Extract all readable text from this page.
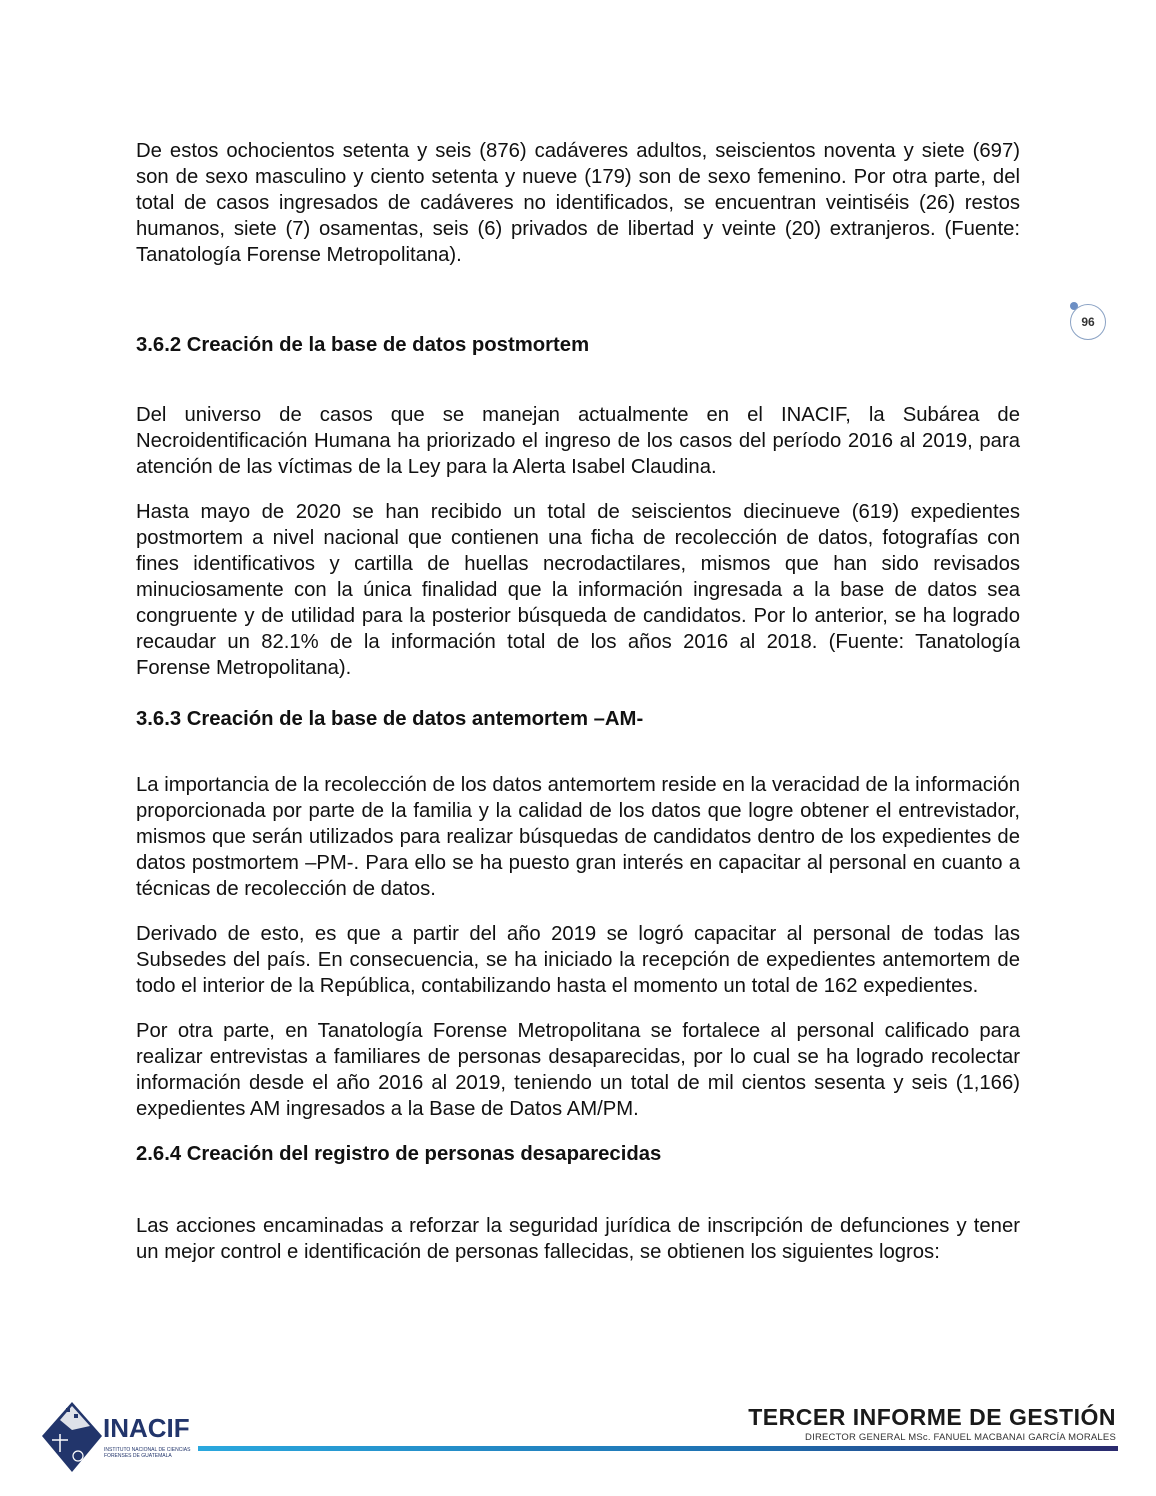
De estos ochocientos setenta y seis (876) cadáveres adultos, seiscientos noventa y siete (697) son de sexo masculino y ciento setenta y nueve (179) son de sexo femenino. Por otra parte, del total de casos ingresados de cadáveres no identificados, se encuentran veintiséis (26) restos humanos, siete (7) osamentas, seis (6) privados de libertad y veinte (20) extranjeros. (Fuente: Tanatología Forense Metropolitana).

3.6.2 Creación de la base de datos postmortem

Del universo de casos que se manejan actualmente en el INACIF, la Subárea de Necroidentificación Humana ha priorizado el ingreso de los casos del período 2016 al 2019, para atención de las víctimas de la Ley para la Alerta Isabel Claudina.

Hasta mayo de 2020 se han recibido un total de seiscientos diecinueve (619) expedientes postmortem a nivel nacional que contienen una ficha de recolección de datos, fotografías con fines identificativos y cartilla de huellas necrodactilares, mismos que han sido revisados minuciosamente con la única finalidad que la información ingresada a la base de datos sea congruente y de utilidad para la posterior búsqueda de candidatos. Por lo anterior, se ha logrado recaudar un 82.1% de la información total de los años 2016 al 2018. (Fuente: Tanatología Forense Metropolitana).

3.6.3 Creación de la base de datos antemortem –AM-

La importancia de la recolección de los datos antemortem reside en la veracidad de la información proporcionada por parte de la familia y la calidad de los datos que logre obtener el entrevistador, mismos que serán utilizados para realizar búsquedas de candidatos dentro de los expedientes de datos postmortem –PM-. Para ello se ha puesto gran interés en capacitar al personal en cuanto a técnicas de recolección de datos.

Derivado de esto, es que a partir del año 2019 se logró capacitar al personal de todas las Subsedes del país. En consecuencia, se ha iniciado la recepción de expedientes antemortem de todo el interior de la República, contabilizando hasta el momento un total de 162 expedientes.

Por otra parte, en Tanatología Forense Metropolitana se fortalece al personal calificado para realizar entrevistas a familiares de personas desaparecidas, por lo cual se ha logrado recolectar información desde el año 2016 al 2019, teniendo un total de mil cientos sesenta y seis (1,166) expedientes AM ingresados a la Base de Datos AM/PM.

2.6.4 Creación del registro de personas desaparecidas

Las acciones encaminadas a reforzar la seguridad jurídica de inscripción de defunciones y tener un mejor control e identificación de personas fallecidas, se obtienen los siguientes logros:

96
INACIF
INSTITUTO NACIONAL DE CIENCIAS FORENSES DE GUATEMALA
TERCER INFORME DE GESTIÓN
DIRECTOR GENERAL MSc. FANUEL MACBANAI GARCÍA MORALES
